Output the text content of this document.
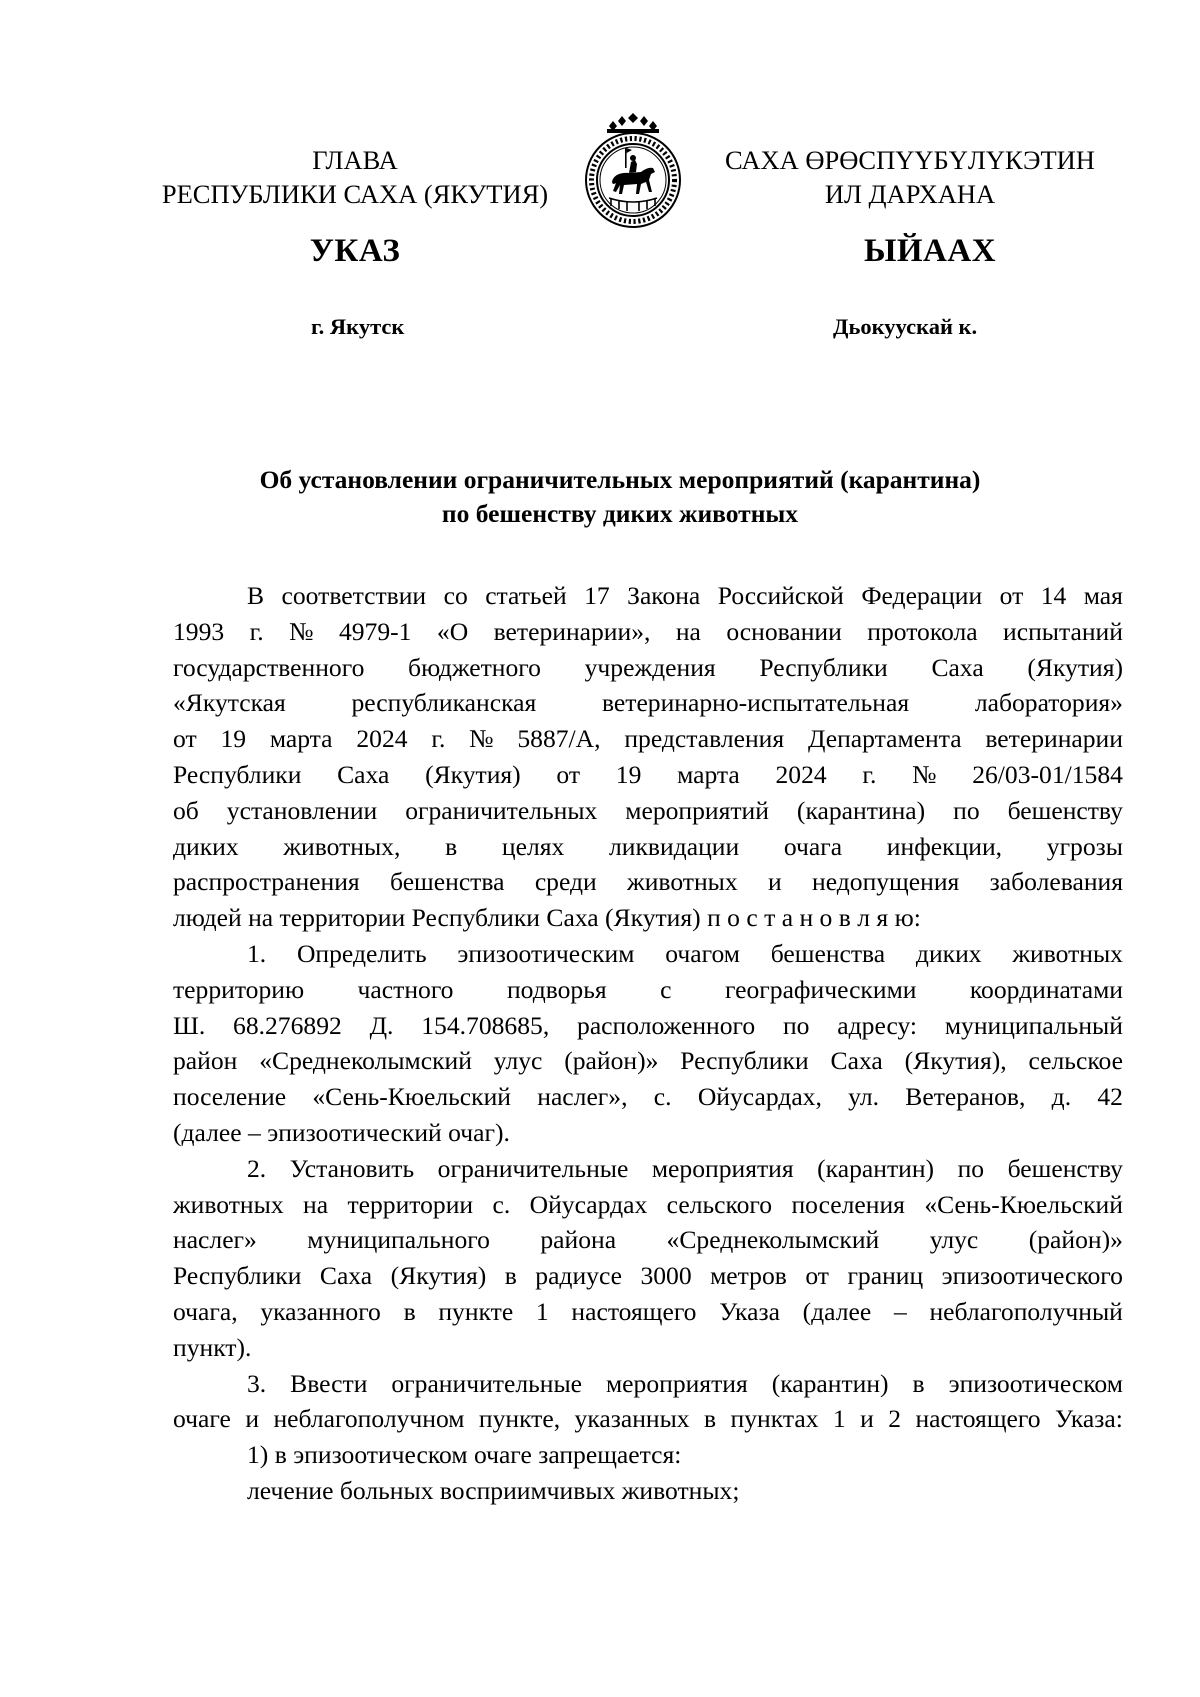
ГЛАВА
РЕСПУБЛИКИ САХА (ЯКУТИЯ)
САХА ӨРӨСПҮҮБҮЛҮКЭТИН
ИЛ ДАРХАНА
УКАЗ	ЫЙААХ
г. Якутск	Дьокуускай к.
Об установлении ограничительных мероприятий (карантина)
по бешенству диких животных
В соответствии со статьей 17 Закона Российской Федерации от 14 мая
1993 г. № 4979-1 «О ветеринарии», на основании протокола испытаний
государственного бюджетного учреждения Республики Саха (Якутия)
«Якутская	республиканская	ветеринарно-испытательная	лаборатория»
от 19 марта 2024 г. № 5887/А, представления Департамента ветеринарии
Республики Саха (Якутия) от 19 марта 2024 г. № 26/03-01/1584
об установлении ограничительных мероприятий (карантина) по бешенству
диких животных, в целях ликвидации очага инфекции, угрозы
распространения бешенства среди животных и недопущения заболевания
людей на территории Республики Саха (Якутия) п о с т а н о в л я ю:
1. Определить эпизоотическим очагом бешенства диких животных
территорию частного подворья с географическими координатами
Ш. 68.276892 Д. 154.708685, расположенного по адресу: муниципальный
район «Среднеколымский улус (район)» Республики Саха (Якутия), сельское
поселение «Сень-Кюельский наслег», с. Ойусардах, ул. Ветеранов, д. 42
(далее – эпизоотический очаг).
2. Установить ограничительные мероприятия (карантин) по бешенству
животных на территории с. Ойусардах сельского поселения «Сень-Кюельский
наслег» муниципального района «Среднеколымский улус (район)»
Республики Саха (Якутия) в радиусе 3000 метров от границ эпизоотического
очага, указанного в пункте 1 настоящего Указа (далее – неблагополучный
пункт).
3. Ввести ограничительные мероприятия (карантин) в эпизоотическом
очаге и неблагополучном пункте, указанных в пунктах 1 и 2 настоящего Указа:
1) в эпизоотическом очаге запрещается:
лечение больных восприимчивых животных;
